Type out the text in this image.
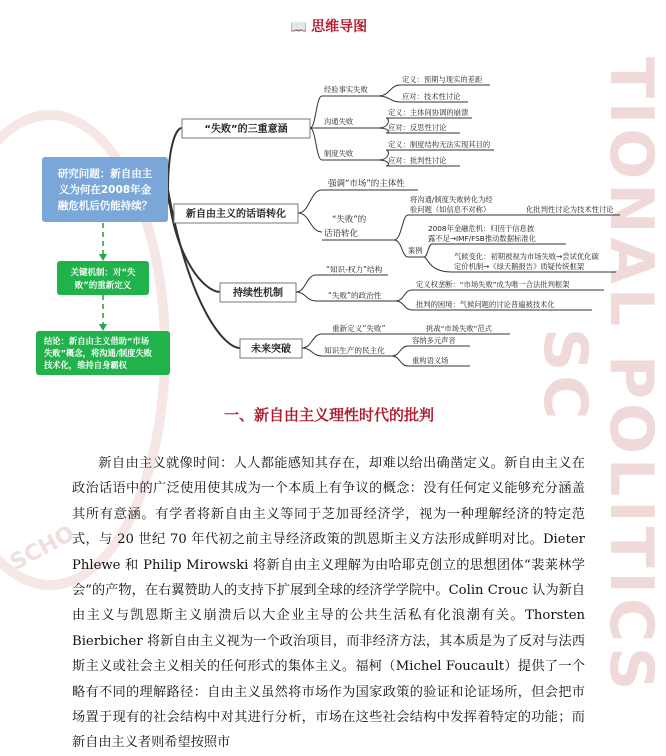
SCHO	TIONAL POLITICS SC
📖 思维导图
研究问题：新自由主
义为何在2008年金
融危机后仍能持续？
关键机制：对“失
败”的重新定义
结论：新自由主义借助“市场
失败”概念，将沟通/制度失败
技术化，维持自身霸权
“失败”的三重意涵
经验事实失败
沟通失败
制度失败
定义：预期与现实的差距
应对：技术性讨论
定义：主体间协调的崩溃
应对：反思性讨论
定义：制度结构无法实现其目的
应对：批判性讨论
新自由主义的话语转化
强调“市场”的主体性
“失败”的
话语转化
将沟通/制度失败转化为经
验问题（如信息不对称）	化批判性讨论为技术性讨论
案例
2008年金融危机：归因于信息披
露不足→IMF/FSB推动数据标准化
气候变化：初期被视为市场失败→尝试优化碳
定价机制→《绿天鹅报告》质疑传统框架
持续性机制
“知识-权力”结构
“失败”的政治性
定义权垄断：“市场失败”成为唯一合法批判框架
批判的困境：气候问题的讨论普遍被技术化
未来突破
重新定义“失败”
知识生产的民主化
挑战“市场失败”范式
容纳多元声音
重构语义场
一、新自由主义理性时代的批判

新自由主义就像时间：人人都能感知其存在，却难以给出确凿定义。新自由主义在政治话语中的广泛使用使其成为一个本质上有争议的概念：没有任何定义能够充分涵盖其所有意涵。有学者将新自由主义等同于芝加哥经济学，视为一种理解经济的特定范式，与 20 世纪 70 年代初之前主导经济政策的凯恩斯主义方法形成鲜明对比。Dieter Phlewe 和 Philip Mirowski 将新自由主义理解为由哈耶克创立的思想团体“裴莱林学会”的产物，在右翼赞助人的支持下扩展到全球的经济学学院中。Colin Crouc 认为新自由主义与凯恩斯主义崩溃后以大企业主导的公共生活私有化浪潮有关。Thorsten Bierbicher 将新自由主义视为一个政治项目，而非经济方法，其本质是为了反对与法西斯主义或社会主义相关的任何形式的集体主义。福柯（Michel Foucault）提供了一个略有不同的理解路径：自由主义虽然将市场作为国家政策的验证和论证场所，但会把市场置于现有的社会结构中对其进行分析，市场在这些社会结构中发挥着特定的功能；而新自由主义者则希望按照市
